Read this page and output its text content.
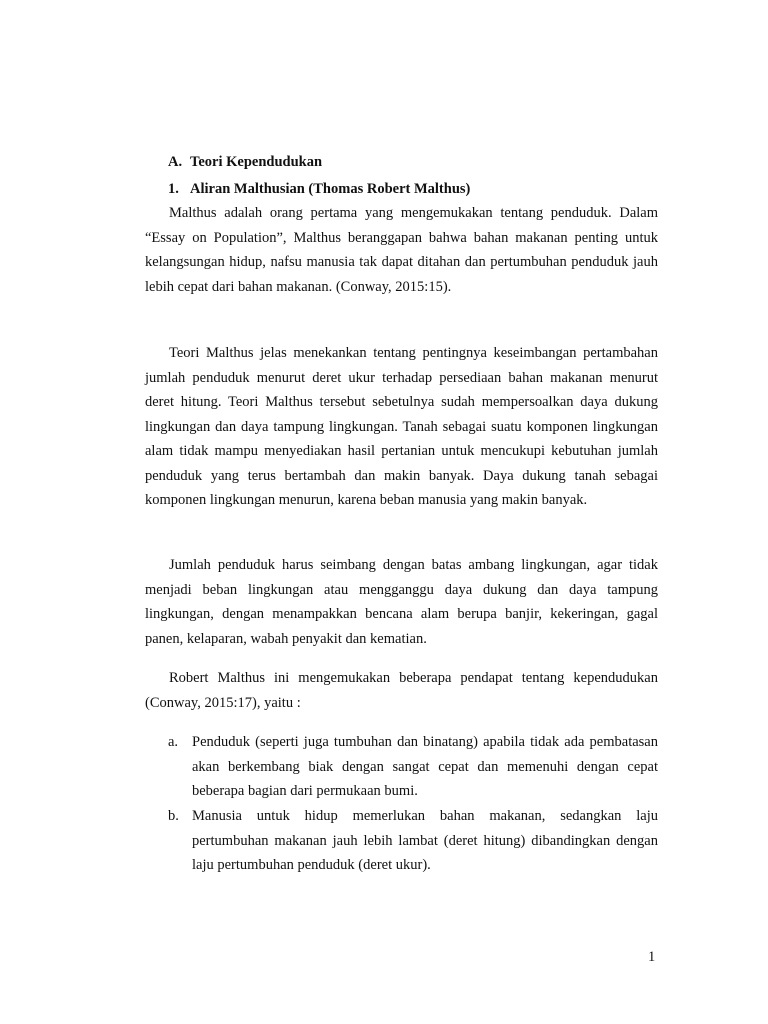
A. Teori Kependudukan
1. Aliran Malthusian (Thomas Robert Malthus)

Malthus adalah orang pertama yang mengemukakan tentang penduduk. Dalam “Essay on Population”, Malthus beranggapan bahwa bahan makanan penting untuk kelangsungan hidup, nafsu manusia tak dapat ditahan dan pertumbuhan penduduk jauh lebih cepat dari bahan makanan. (Conway, 2015:15).

Teori Malthus jelas menekankan tentang pentingnya keseimbangan pertambahan jumlah penduduk menurut deret ukur terhadap persediaan bahan makanan menurut deret hitung. Teori Malthus tersebut sebetulnya sudah mempersoalkan daya dukung lingkungan dan daya tampung lingkungan. Tanah sebagai suatu komponen lingkungan alam tidak mampu menyediakan hasil pertanian untuk mencukupi kebutuhan jumlah penduduk yang terus bertambah dan makin banyak. Daya dukung tanah sebagai komponen lingkungan menurun, karena beban manusia yang makin banyak.

Jumlah penduduk harus seimbang dengan batas ambang lingkungan, agar tidak menjadi beban lingkungan atau mengganggu daya dukung dan daya tampung lingkungan, dengan menampakkan bencana alam berupa banjir, kekeringan, gagal panen, kelaparan, wabah penyakit dan kematian.

Robert Malthus ini mengemukakan beberapa pendapat tentang kependudukan (Conway, 2015:17), yaitu :

a. Penduduk (seperti juga tumbuhan dan binatang) apabila tidak ada pembatasan akan berkembang biak dengan sangat cepat dan memenuhi dengan cepat beberapa bagian dari permukaan bumi.

b. Manusia untuk hidup memerlukan bahan makanan, sedangkan laju pertumbuhan makanan jauh lebih lambat (deret hitung) dibandingkan dengan laju pertumbuhan penduduk (deret ukur).

1
